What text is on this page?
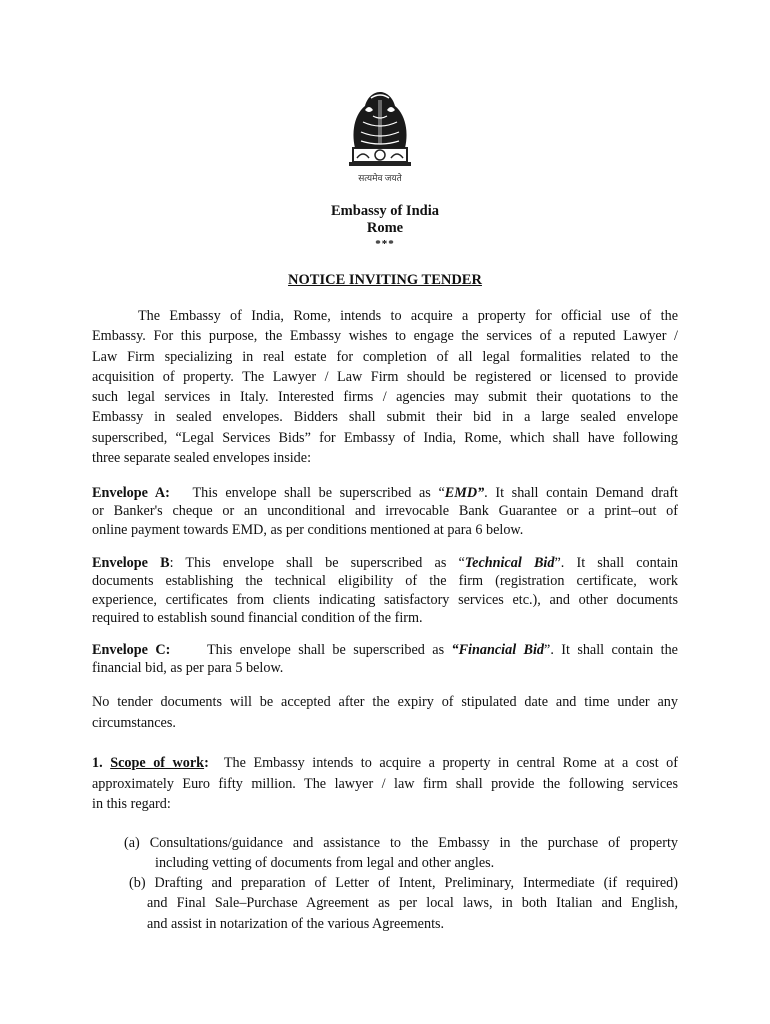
सत्यमेव जयते
Embassy of India
Rome
***
NOTICE INVITING TENDER
The Embassy of India, Rome, intends to acquire a property for official use of the
Embassy. For this purpose, the Embassy wishes to engage the services of a reputed Lawyer /
Law Firm specializing in real estate for completion of all legal formalities related to the
acquisition of property. The Lawyer / Law Firm should be registered or licensed to provide
such legal services in Italy. Interested firms / agencies may submit their quotations to the
Embassy in sealed envelopes. Bidders shall submit their bid in a large sealed envelope
superscribed, “Legal Services Bids” for Embassy of India, Rome, which shall have following
three separate sealed envelopes inside:
Envelope A: This envelope shall be superscribed as “EMD”. It shall contain Demand draft
or Banker's cheque or an unconditional and irrevocable Bank Guarantee or a print–out of
online payment towards EMD, as per conditions mentioned at para 6 below.
Envelope B: This envelope shall be superscribed as “Technical Bid”. It shall contain
documents establishing the technical eligibility of the firm (registration certificate, work
experience, certificates from clients indicating satisfactory services etc.), and other documents
required to establish sound financial condition of the firm.
Envelope C:	This envelope shall be superscribed as “Financial Bid”. It shall contain the
financial bid, as per para 5 below.
No tender documents will be accepted after the expiry of stipulated date and time under any
circumstances.
1. Scope of work: The Embassy intends to acquire a property in central Rome at a cost of
approximately Euro fifty million. The lawyer / law firm shall provide the following services
in this regard:
(a) Consultations/guidance and assistance to the Embassy in the purchase of property
including vetting of documents from legal and other angles.
(b) Drafting and preparation of Letter of Intent, Preliminary, Intermediate (if required)
and Final Sale–Purchase Agreement as per local laws, in both Italian and English,
and assist in notarization of the various Agreements.
